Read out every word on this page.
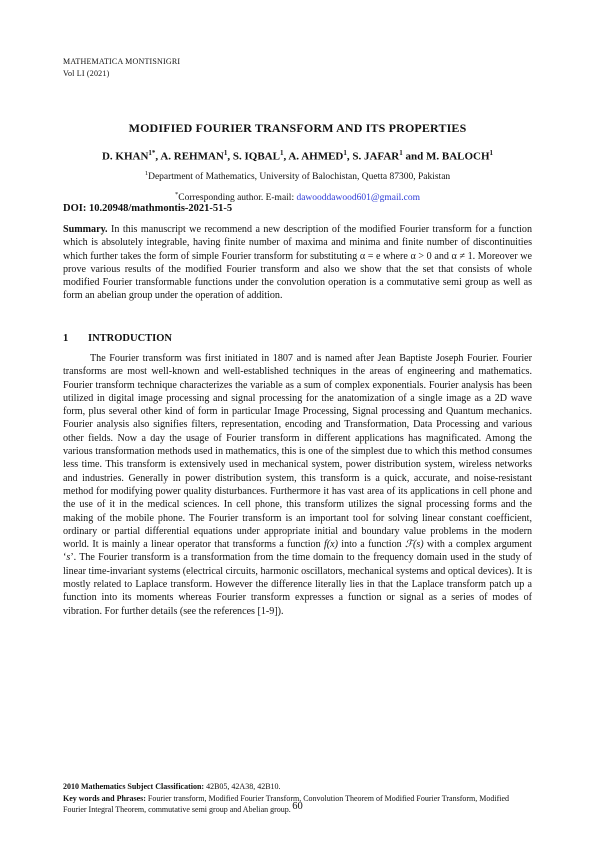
MATHEMATICA MONTISNIGRI
Vol LI (2021)
MODIFIED FOURIER TRANSFORM AND ITS PROPERTIES
D. $KHAN^{1*}$, A. REHMAN$^1$, S. IQBAL$^1$, A. AHMED$^1$, S. JAFAR$^1$ and M. BALOCH$^1$
$^1$Department of Mathematics, University of Balochistan, Quetta 87300, Pakistan
*Corresponding author. E-mail: dawooddawood601@gmail.com
DOI: 10.20948/mathmontis-2021-51-5
Summary. In this manuscript we recommend a new description of the modified Fourier transform for a function which is absolutely integrable, having finite number of maxima and minima and finite number of discontinuities which further takes the form of simple Fourier transform for substituting α = e where α > 0 and α ≠ 1. Moreover we prove various results of the modified Fourier transform and also we show that the set that consists of whole modified Fourier transformable functions under the convolution operation is a commutative semi group as well as form an abelian group under the operation of addition.
1 INTRODUCTION

The Fourier transform was first initiated in 1807 and is named after Jean Baptiste Joseph Fourier. Fourier transforms are most well-known and well-established techniques in the areas of engineering and mathematics. Fourier transform technique characterizes the variable as a sum of complex exponentials. Fourier analysis has been utilized in digital image processing and signal processing for the anatomization of a single image as a 2D wave form, plus several other kind of form in particular Image Processing, Signal processing and Quantum mechanics. Fourier analysis also signifies filters, representation, encoding and Transformation, Data Processing and various other fields. Now a day the usage of Fourier transform in different applications has magnificated. Among the various transformation methods used in mathematics, this is one of the simplest due to which this method consumes less time. This transform is extensively used in mechanical system, power distribution system, wireless networks and industries. Generally in power distribution system, this transform is a quick, accurate, and noise-resistant method for modifying power quality disturbances. Furthermore it has vast area of its applications in cell phone and the use of it in the medical sciences. In cell phone, this transform utilizes the signal processing forms and the making of the mobile phone. The Fourier transform is an important tool for solving linear constant coefficient, ordinary or partial differential equations under appropriate initial and boundary value problems in the modern world. It is mainly a linear operator that transforms a function f(x) into a function ℱ(s) with a complex argument ‘s’. The Fourier transform is a transformation from the time domain to the frequency domain used in the study of linear time-invariant systems (electrical circuits, harmonic oscillators, mechanical systems and optical devices). It is mostly related to Laplace transform. However the difference literally lies in that the Laplace transform patch up a function into its moments whereas Fourier transform expresses a function or signal as a series of modes of vibration. For further details (see the references [1-9]).

2010 Mathematics Subject Classification: 42B05, 42A38, 42B10.
Key words and Phrases: Fourier transform, Modified Fourier Transform, Convolution Theorem of Modified Fourier Transform, Modified Fourier Integral Theorem, commutative semi group and Abelian group. 60
